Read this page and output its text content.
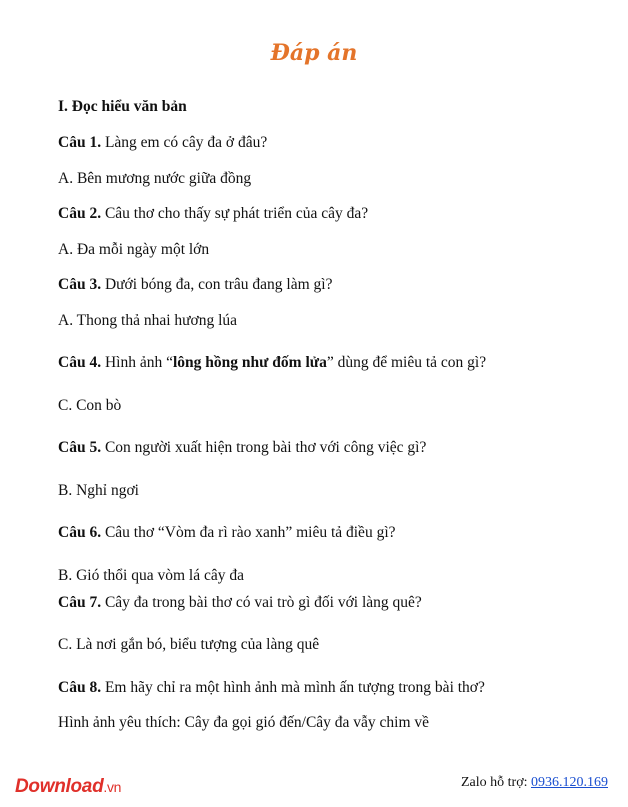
Đáp án
I. Đọc hiểu văn bản
Câu 1. Làng em có cây đa ở đâu?
A. Bên mương nước giữa đồng
Câu 2. Câu thơ cho thấy sự phát triển của cây đa?
A. Đa mỗi ngày một lớn
Câu 3. Dưới bóng đa, con trâu đang làm gì?
A. Thong thả nhai hương lúa
Câu 4. Hình ảnh “lông hồng như đốm lửa” dùng để miêu tả con gì?
C. Con bò
Câu 5. Con người xuất hiện trong bài thơ với công việc gì?
B. Nghỉ ngơi
Câu 6. Câu thơ “Vòm đa rì rào xanh” miêu tả điều gì?
B. Gió thổi qua vòm lá cây đa
Câu 7. Cây đa trong bài thơ có vai trò gì đối với làng quê?
C. Là nơi gắn bó, biểu tượng của làng quê
Câu 8. Em hãy chỉ ra một hình ảnh mà mình ấn tượng trong bài thơ?
Hình ảnh yêu thích: Cây đa gọi gió đến/Cây đa vẫy chim về
Download.vn	Zalo hỗ trợ: 0936.120.169
